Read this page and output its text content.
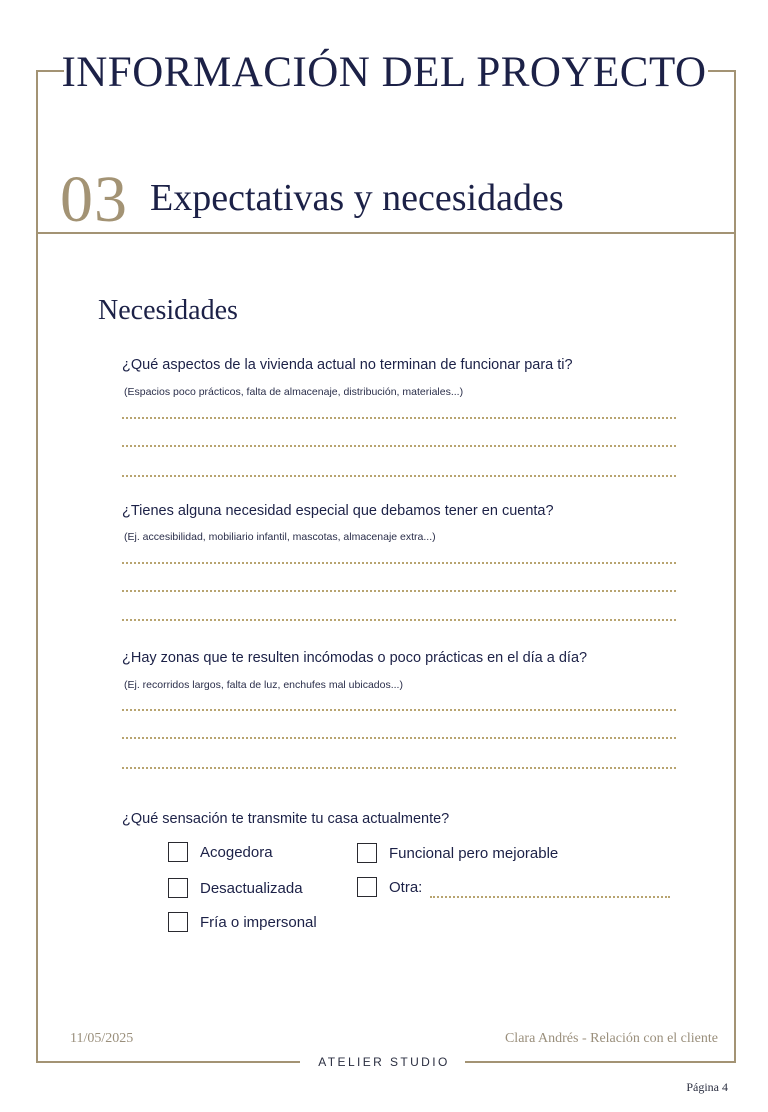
INFORMACIÓN DEL PROYECTO
03 Expectativas y necesidades
Necesidades
¿Qué aspectos de la vivienda actual no terminan de funcionar para ti?
(Espacios poco prácticos, falta de almacenaje, distribución, materiales...)
¿Tienes alguna necesidad especial que debamos tener en cuenta?
(Ej. accesibilidad, mobiliario infantil, mascotas, almacenaje extra...)
¿Hay zonas que te resulten incómodas o poco prácticas en el día a día?
(Ej. recorridos largos, falta de luz, enchufes mal ubicados...)
¿Qué sensación te transmite tu casa actualmente?
Acogedora	Funcional pero mejorable
Desactualizada	Otra:
Fría o impersonal
11/05/2025	Clara Andrés - Relación con el cliente
ATELIER STUDIO
Página 4
